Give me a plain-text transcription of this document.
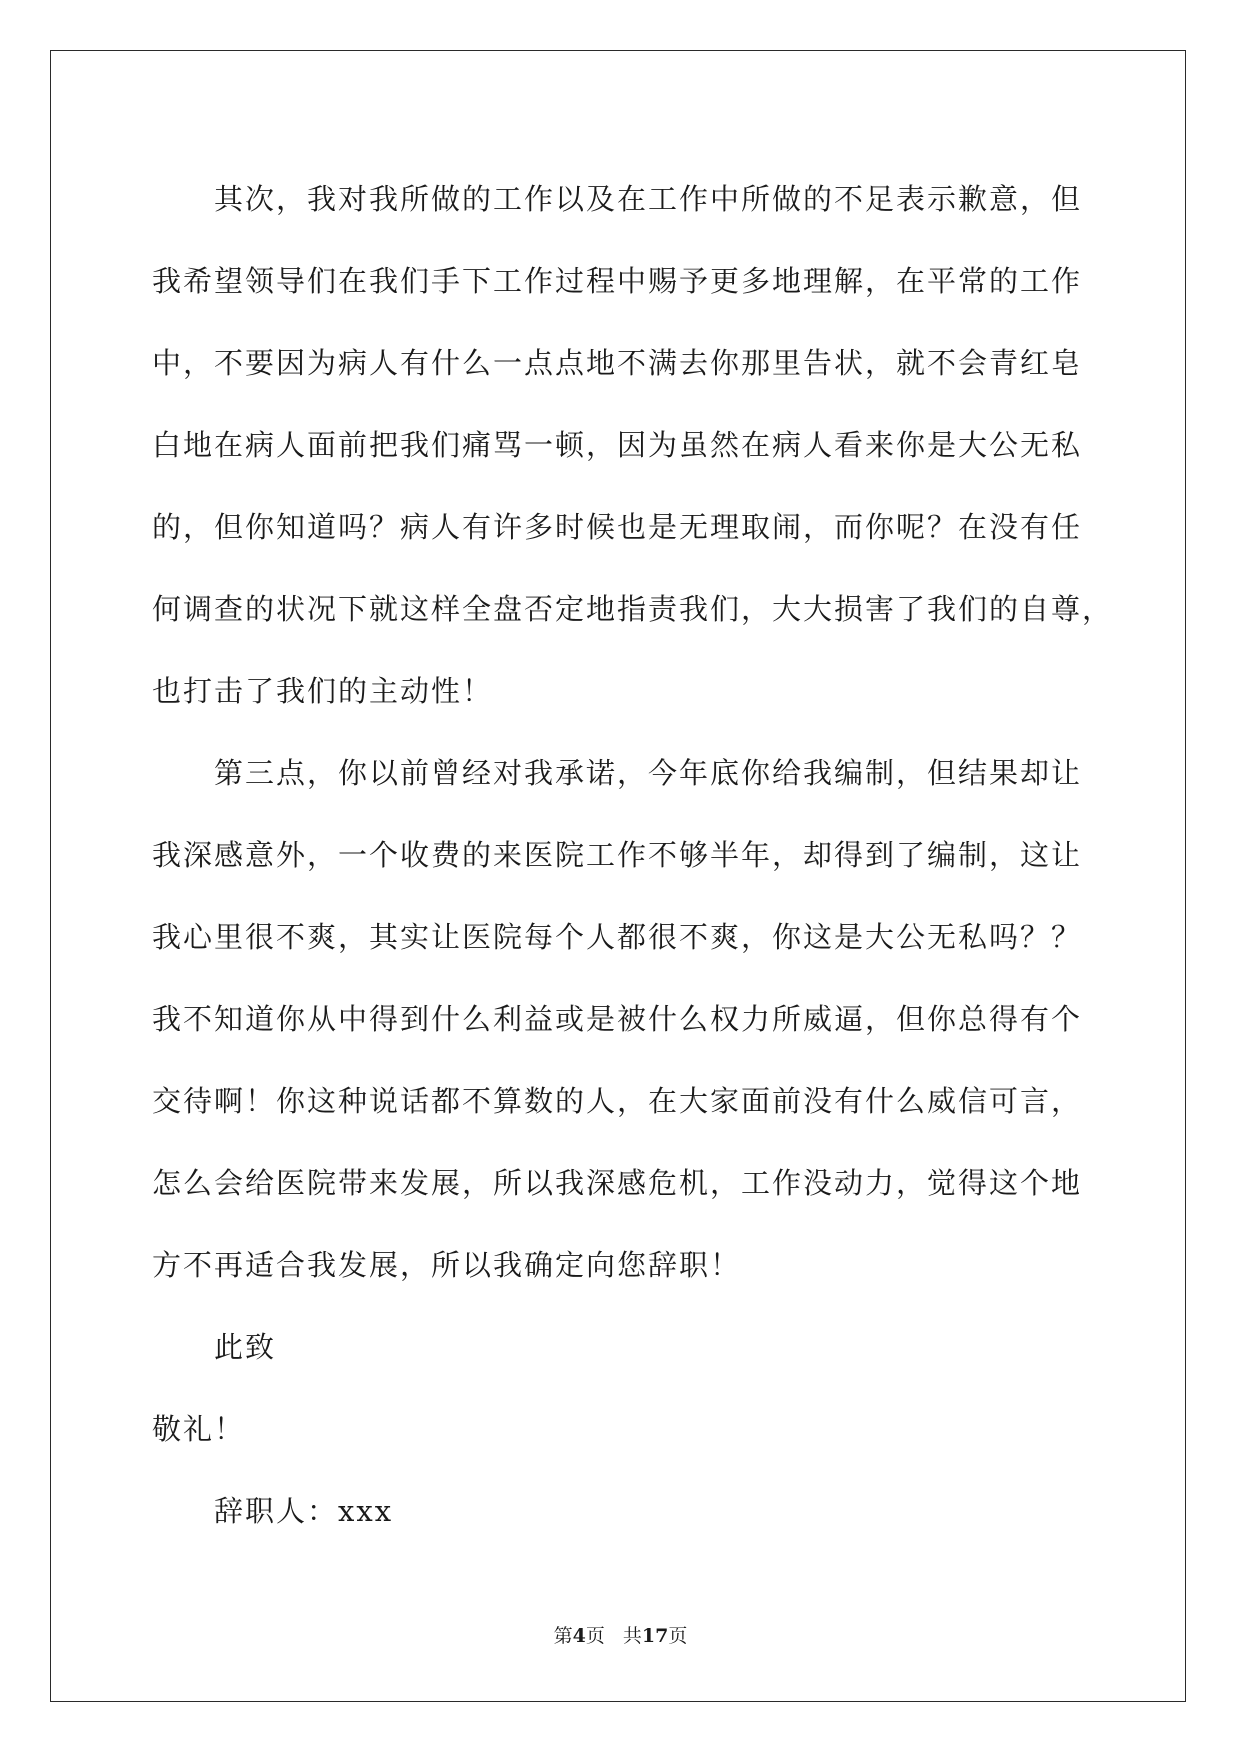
其次，我对我所做的工作以及在工作中所做的不足表示歉意，但
我希望领导们在我们手下工作过程中赐予更多地理解，在平常的工作
中，不要因为病人有什么一点点地不满去你那里告状，就不会青红皂
白地在病人面前把我们痛骂一顿，因为虽然在病人看来你是大公无私
的，但你知道吗？病人有许多时候也是无理取闹，而你呢？在没有任
何调查的状况下就这样全盘否定地指责我们，大大损害了我们的自尊，
也打击了我们的主动性！
第三点，你以前曾经对我承诺，今年底你给我编制，但结果却让
我深感意外，一个收费的来医院工作不够半年，却得到了编制，这让
我心里很不爽，其实让医院每个人都很不爽，你这是大公无私吗？？
我不知道你从中得到什么利益或是被什么权力所威逼，但你总得有个
交待啊！你这种说话都不算数的人，在大家面前没有什么威信可言，
怎么会给医院带来发展，所以我深感危机，工作没动力，觉得这个地
方不再适合我发展，所以我确定向您辞职！
此致
敬礼！
辞职人：xxx
第4页 共17页
